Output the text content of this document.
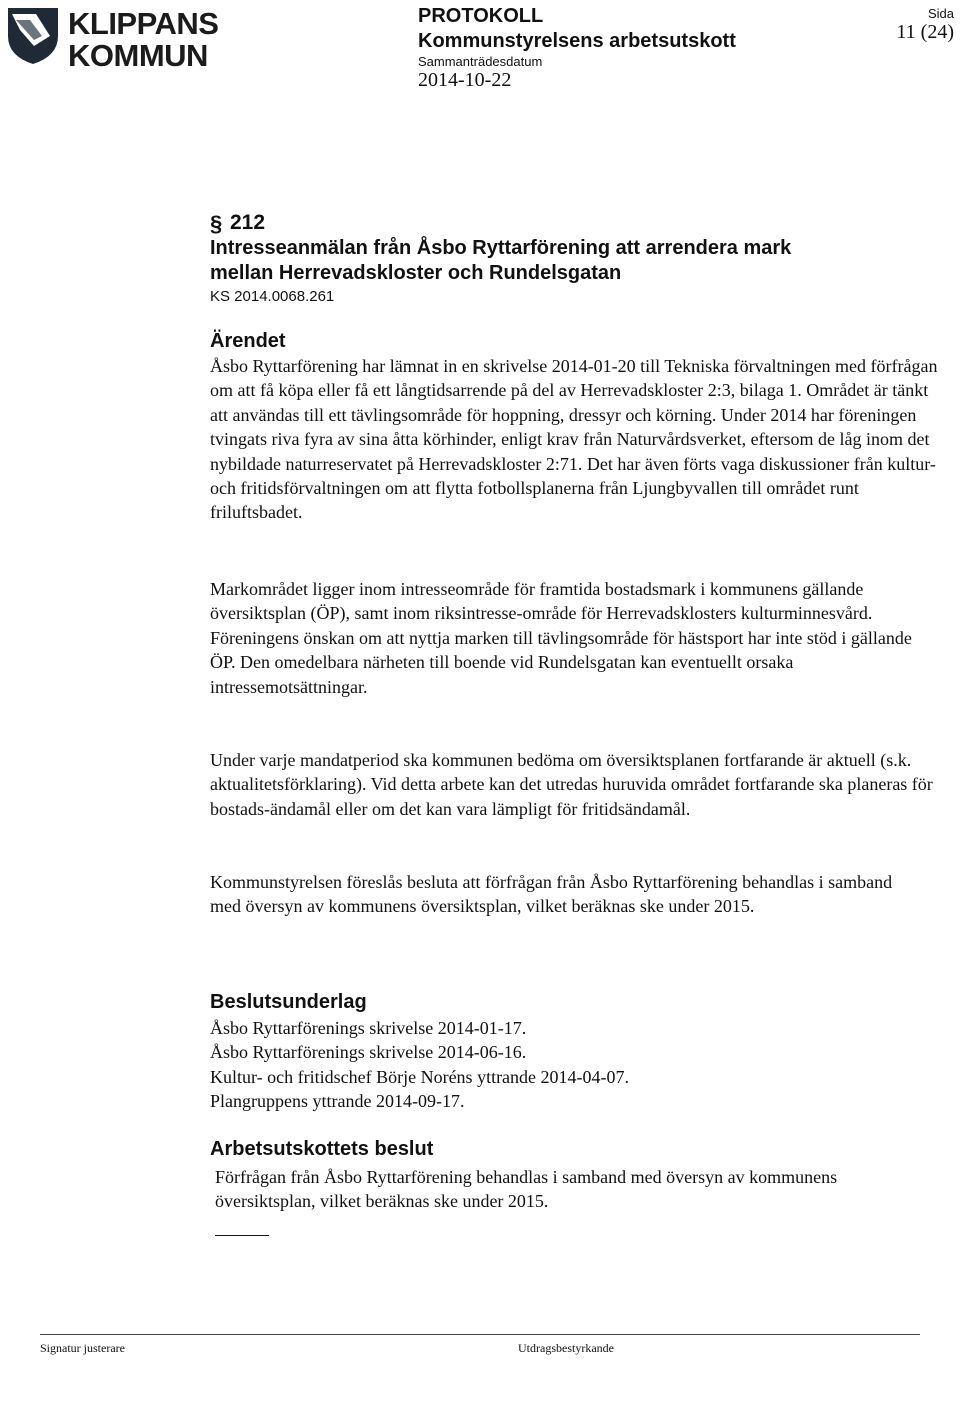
KLIPPANS
KOMMUN
PROTOKOLL
Kommunstyrelsens arbetsutskott
Sammanträdesdatum
2014-10-22
Sida
11 (24)
§ 212
Intresseanmälan från Åsbo Ryttarförening att arrendera mark mellan Herrevadskloster och Rundelsgatan
KS 2014.0068.261
Ärendet

Åsbo Ryttarförening har lämnat in en skrivelse 2014-01-20 till Tekniska förvaltningen med förfrågan om att få köpa eller få ett långtidsarrende på del av Herrevadskloster 2:3, bilaga 1. Området är tänkt att användas till ett tävlingsområde för hoppning, dressyr och körning. Under 2014 har föreningen tvingats riva fyra av sina åtta körhinder, enligt krav från Naturvårdsverket, eftersom de låg inom det nybildade naturreservatet på Herrevadskloster 2:71. Det har även förts vaga diskussioner från kultur- och fritidsförvaltningen om att flytta fotbollsplanerna från Ljungbyvallen till området runt friluftsbadet.

Markområdet ligger inom intresseområde för framtida bostadsmark i kommunens gällande översiktsplan (ÖP), samt inom riksintresse-område för Herrevadsklosters kulturminnesvård. Föreningens önskan om att nyttja marken till tävlingsområde för hästsport har inte stöd i gällande ÖP. Den omedelbara närheten till boende vid Rundelsgatan kan eventuellt orsaka intressemotsättningar.

Under varje mandatperiod ska kommunen bedöma om översiktsplanen fortfarande är aktuell (s.k. aktualitetsförklaring). Vid detta arbete kan det utredas huruvida området fortfarande ska planeras för bostads-ändamål eller om det kan vara lämpligt för fritidsändamål.

Kommunstyrelsen föreslås besluta att förfrågan från Åsbo Ryttarförening behandlas i samband med översyn av kommunens översiktsplan, vilket beräknas ske under 2015.

Beslutsunderlag

Åsbo Ryttarförenings skrivelse 2014-01-17.

Åsbo Ryttarförenings skrivelse 2014-06-16.

Kultur- och fritidschef Börje Noréns yttrande 2014-04-07.

Plangruppens yttrande 2014-09-17.

Arbetsutskottets beslut

Förfrågan från Åsbo Ryttarförening behandlas i samband med översyn av kommunens översiktsplan, vilket beräknas ske under 2015.

Signatur justerare	Utdragsbestyrkande
